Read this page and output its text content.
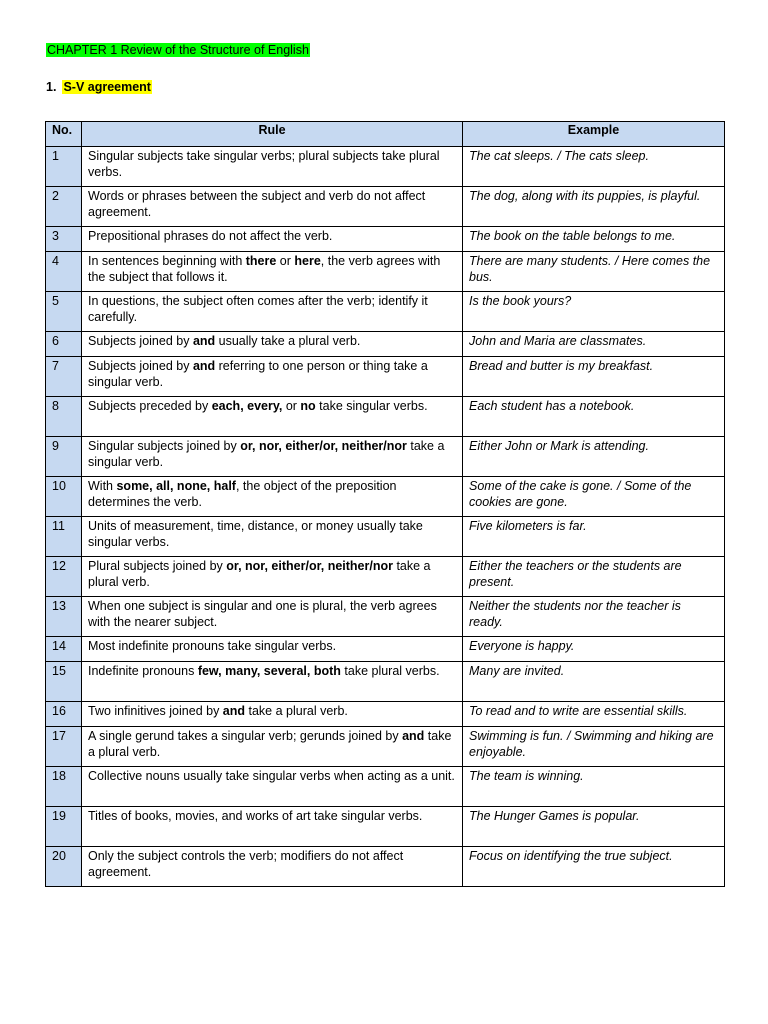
CHAPTER 1 Review of the Structure of English
1. S-V agreement
No.	Rule	Example
1	Singular subjects take singular verbs; plural subjects take plural verbs.	The cat sleeps. / The cats sleep.
2	Words or phrases between the subject and verb do not affect agreement.	The dog, along with its puppies, is playful.
3	Prepositional phrases do not affect the verb.	The book on the table belongs to me.
4	In sentences beginning with there or here, the verb agrees with the subject that follows it.	There are many students. / Here comes the bus.
5	In questions, the subject often comes after the verb; identify it carefully.	Is the book yours?
6	Subjects joined by and usually take a plural verb.	John and Maria are classmates.
7	Subjects joined by and referring to one person or thing take a singular verb.	Bread and butter is my breakfast.
8	Subjects preceded by each, every, or no take singular verbs.	Each student has a notebook.
9	Singular subjects joined by or, nor, either/or, neither/nor take a singular verb.	Either John or Mark is attending.
10	With some, all, none, half, the object of the preposition determines the verb.	Some of the cake is gone. / Some of the cookies are gone.
11	Units of measurement, time, distance, or money usually take singular verbs.	Five kilometers is far.
12	Plural subjects joined by or, nor, either/or, neither/nor take a plural verb.	Either the teachers or the students are present.
13	When one subject is singular and one is plural, the verb agrees with the nearer subject.	Neither the students nor the teacher is ready.
14	Most indefinite pronouns take singular verbs.	Everyone is happy.
15	Indefinite pronouns few, many, several, both take plural verbs.	Many are invited.
16	Two infinitives joined by and take a plural verb.	To read and to write are essential skills.
17	A single gerund takes a singular verb; gerunds joined by and take a plural verb.	Swimming is fun. / Swimming and hiking are enjoyable.
18	Collective nouns usually take singular verbs when acting as a unit.	The team is winning.
19	Titles of books, movies, and works of art take singular verbs.	The Hunger Games is popular.
20	Only the subject controls the verb; modifiers do not affect agreement.	Focus on identifying the true subject.
